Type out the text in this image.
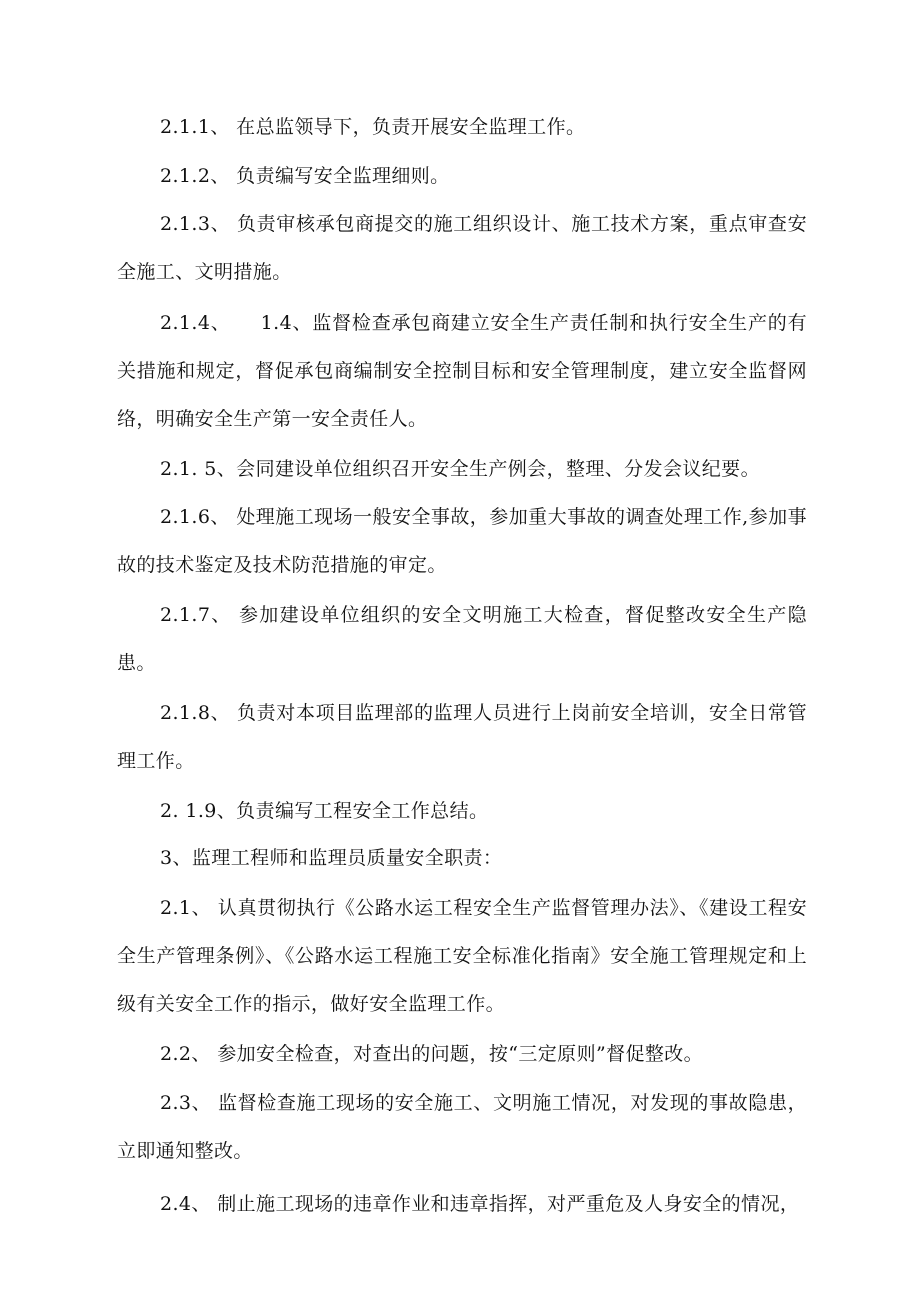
2.1.1、 在总监领导下，负责开展安全监理工作。

2.1.2、 负责编写安全监理细则。

2.1.3、 负责审核承包商提交的施工组织设计、施工技术方案，重点审查安全施工、文明措施。

2.1.4、　　1.4、监督检查承包商建立安全生产责任制和执行安全生产的有关措施和规定，督促承包商编制安全控制目标和安全管理制度，建立安全监督网络，明确安全生产第一安全责任人。

2.1. 5、会同建设单位组织召开安全生产例会，整理、分发会议纪要。

2.1.6、 处理施工现场一般安全事故，参加重大事故的调查处理工作,参加事故的技术鉴定及技术防范措施的审定。

2.1.7、 参加建设单位组织的安全文明施工大检查，督促整改安全生产隐患。

2.1.8、 负责对本项目监理部的监理人员进行上岗前安全培训，安全日常管理工作。

2. 1.9、负责编写工程安全工作总结。

3、监理工程师和监理员质量安全职责：

2.1、 认真贯彻执行《公路水运工程安全生产监督管理办法》、《建设工程安全生产管理条例》、《公路水运工程施工安全标准化指南》安全施工管理规定和上级有关安全工作的指示，做好安全监理工作。

2.2、 参加安全检查，对查出的问题，按“三定原则”督促整改。

2.3、 监督检查施工现场的安全施工、文明施工情况，对发现的事故隐患，立即通知整改。

2.4、 制止施工现场的违章作业和违章指挥，对严重危及人身安全的情况，
